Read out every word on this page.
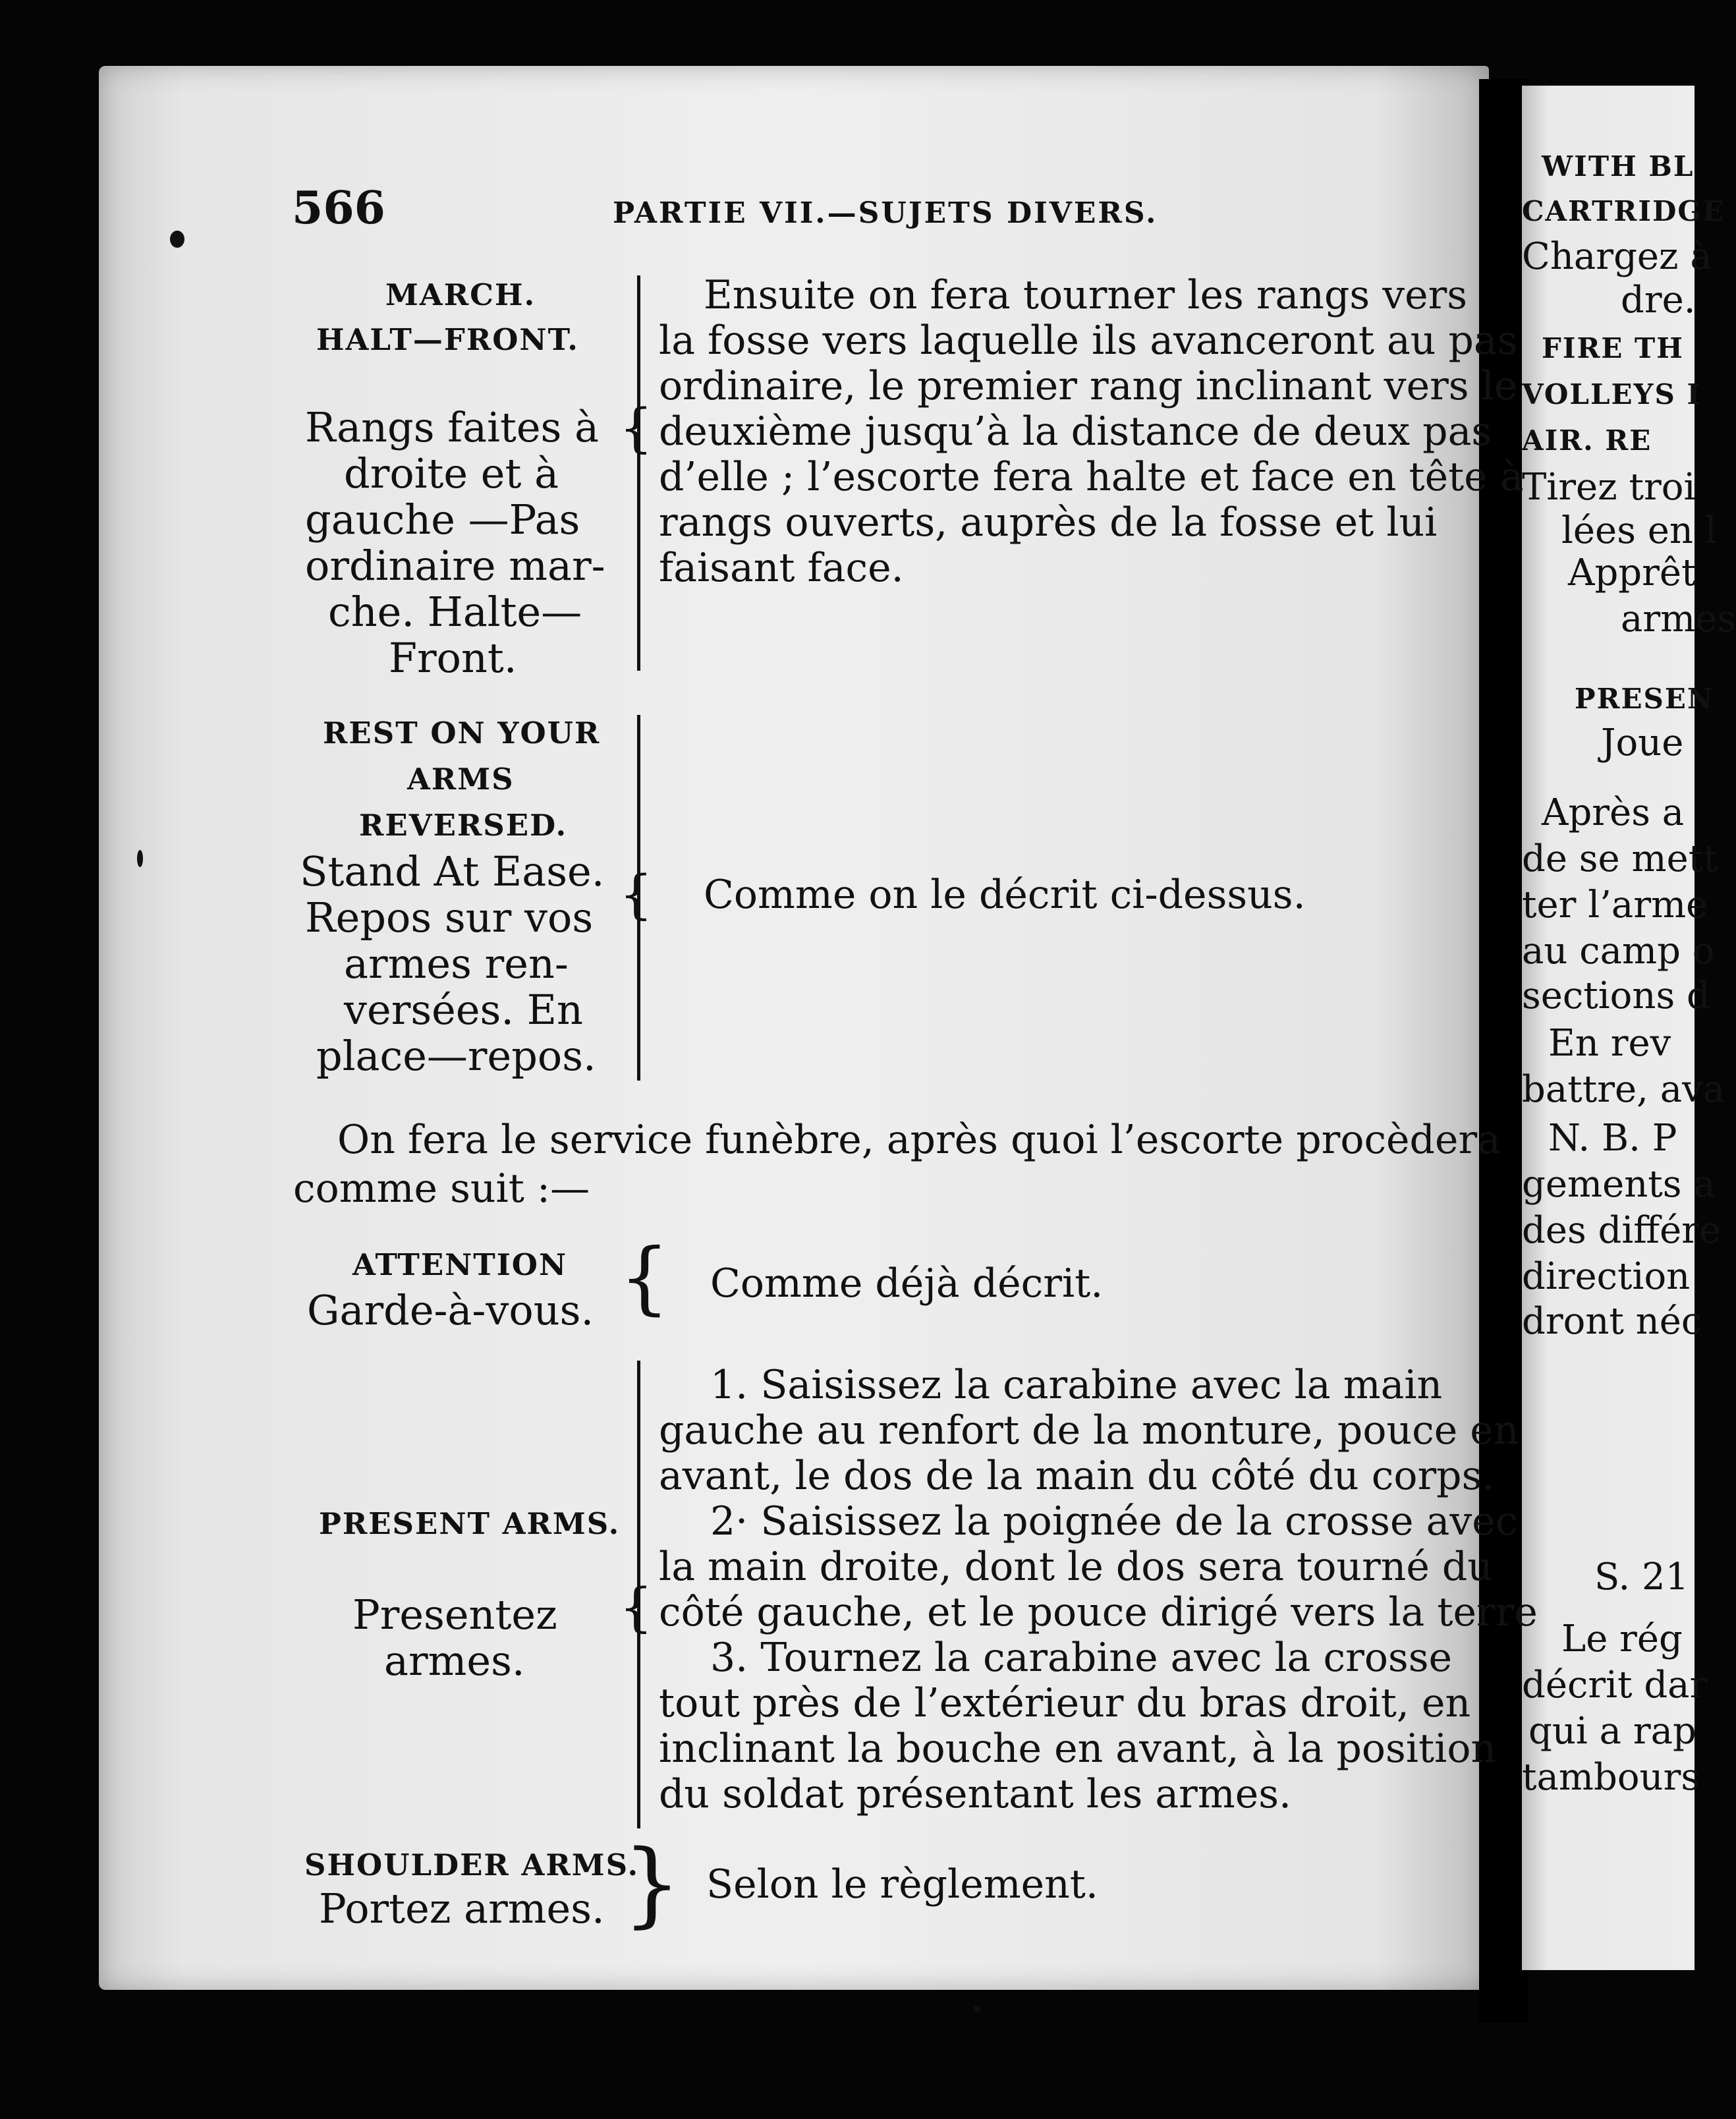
WITH BL
CARTRIDGE
Chargez à
dre.
FIRE TH
VOLLEYS I
AIR. RE
Tirez troi
lées en l
Apprêt
armes
PRESEN
Joue
Après a
de se mett
ter l’arme
au camp o
sections d
En rev
battre, ava
N. B. P
gements a
des différe
direction
dront néc
S. 21
Le rég
décrit dar
qui a rap
tambours
566	PARTIE VII.—SUJETS DIVERS.
MARCH.
HALT—FRONT.
Rangs faites à
droite et à
gauche —Pas
ordinaire mar-
che. Halte—
Front.
{
Ensuite on fera tourner les rangs vers
la fosse vers laquelle ils avanceront au pas
ordinaire, le premier rang inclinant vers le
deuxième jusqu’à la distance de deux pas
d’elle ; l’escorte fera halte et face en tête à
rangs ouverts, auprès de la fosse et lui
faisant face.
REST ON YOUR
ARMS
REVERSED.
Stand At Ease.
Repos sur vos
armes ren-
versées. En
place—repos.
{ Comme on le décrit ci-dessus.
On fera le service funèbre, après quoi l’escorte procèdera
comme suit :—
ATTENTION
Garde-à-vous. { Comme déjà décrit.
PRESENT ARMS.
Presentez
armes.
{
1. Saisissez la carabine avec la main
gauche au renfort de la monture, pouce en
avant, le dos de la main du côté du corps.
2· Saisissez la poignée de la crosse avec
la main droite, dont le dos sera tourné du
côté gauche, et le pouce dirigé vers la terre
3. Tournez la carabine avec la crosse
tout près de l’extérieur du bras droit, en
inclinant la bouche en avant, à la position
du soldat présentant les armes.
SHOULDER ARMS.
Portez armes. } Selon le règlement.
